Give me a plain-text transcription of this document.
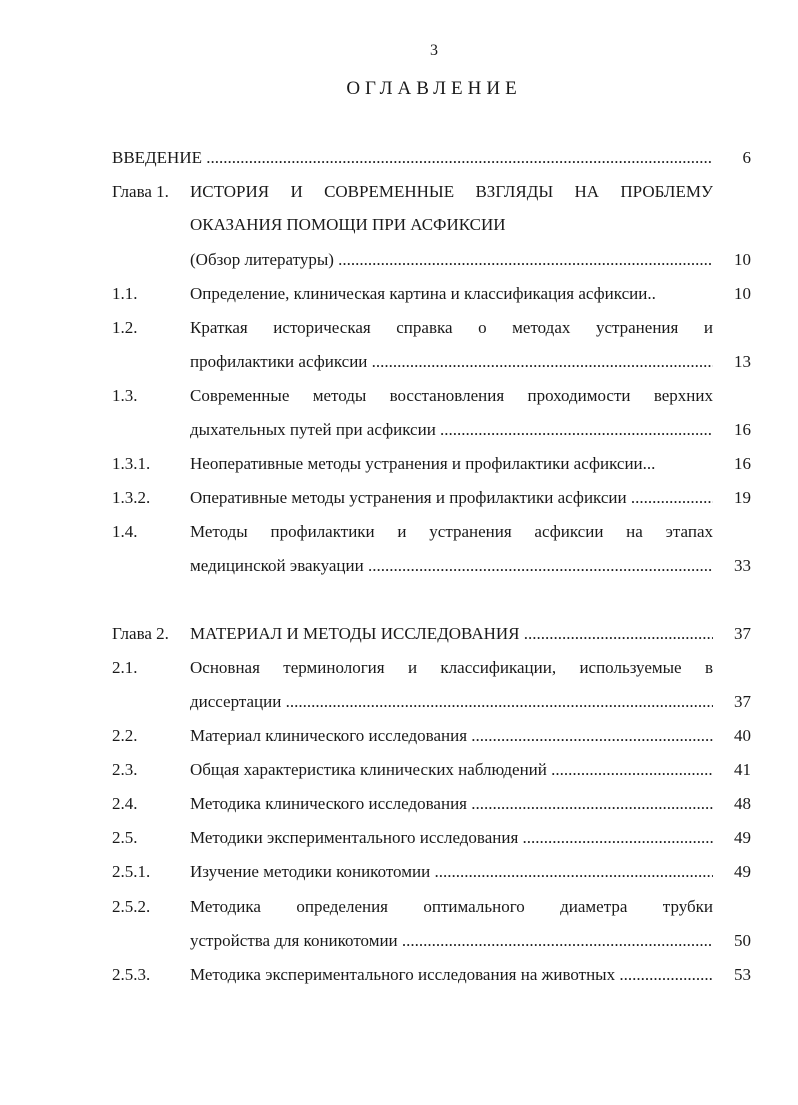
3
ОГЛАВЛЕНИЕ
ВВЕДЕНИЕ .....	6
Глава 1. ИСТОРИЯ И СОВРЕМЕННЫЕ ВЗГЛЯДЫ НА ПРОБЛЕМУ
ОКАЗАНИЯ ПОМОЩИ ПРИ АСФИКСИИ
(Обзор литературы) .....	10
1.1.	Определение, клиническая картина и классификация асфиксии..	10
1.2.	Краткая историческая справка о методах устранения и
профилактики асфиксии .....	13
1.3.	Современные методы восстановления проходимости верхних
дыхательных путей при асфиксии .....	16
1.3.1. Неоперативные методы устранения и профилактики асфиксии...	16
1.3.2. Оперативные методы устранения и профилактики асфиксии .....	19
1.4.	Методы профилактики и устранения асфиксии на этапах
медицинской эвакуации .....	33
Глава 2. МАТЕРИАЛ И МЕТОДЫ ИССЛЕДОВАНИЯ .....	37
2.1.	Основная терминология и классификации, используемые в
диссертации .....	37
2.2.	Материал клинического исследования .....	40
2.3.	Общая характеристика клинических наблюдений .....	41
2.4.	Методика клинического исследования .....	48
2.5.	Методики экспериментального исследования .....	49
2.5.1. Изучение методики коникотомии .....	49
2.5.2. Методика определения оптимального диаметра трубки
устройства для коникотомии .....	50
2.5.3. Методика экспериментального исследования на животных .....	53
